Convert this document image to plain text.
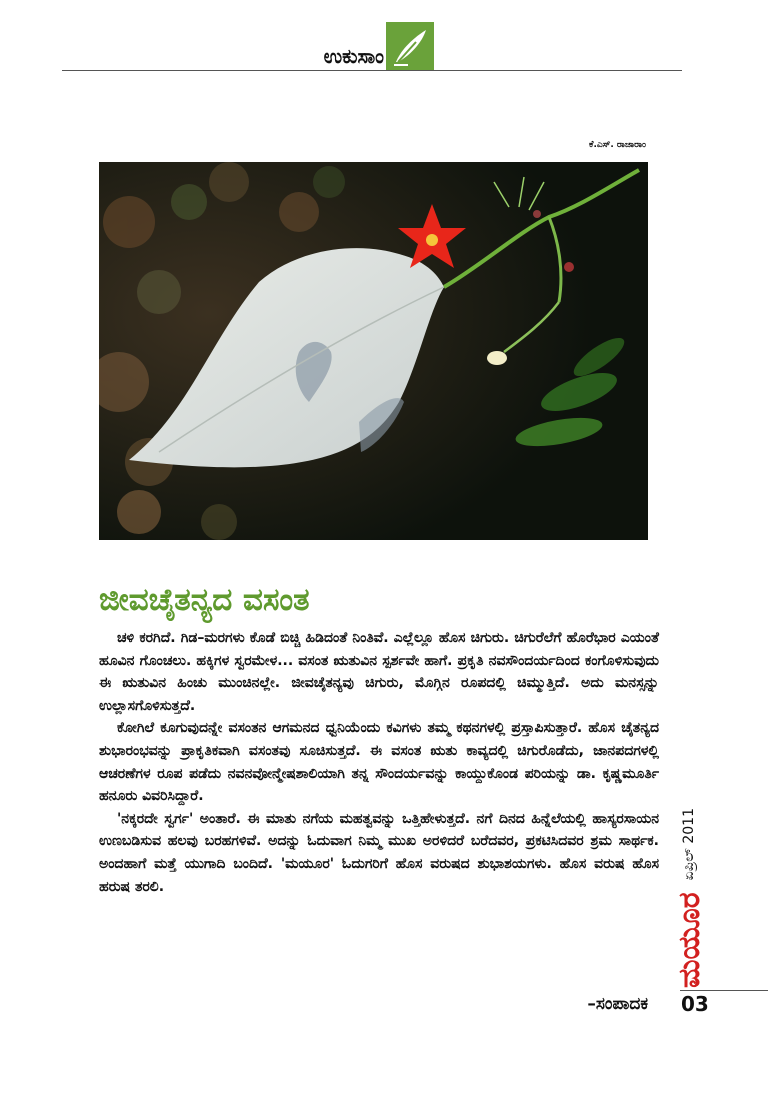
ಉಕುಸಾಂ
ಕೆ.ಎಸ್. ರಾಜಾರಾಂ
ಜೀವಚೈತನ್ಯದ ವಸಂತ

ಚಳಿ ಕರಗಿದೆ. ಗಿಡ–ಮರಗಳು ಕೊಡೆ ಬಿಚ್ಚಿ ಹಿಡಿದಂತೆ ನಿಂತಿವೆ. ಎಲ್ಲೆಲ್ಲೂ ಹೊಸ ಚಿಗುರು. ಚಿಗುರೆಲೆಗೆ ಹೊರೆಭಾರ ಎಯಂತೆ ಹೂವಿನ ಗೊಂಚಲು. ಹಕ್ಕಿಗಳ ಸ್ವರಮೇಳ... ವಸಂತ ಋತುವಿನ ಸ್ಪರ್ಶವೇ ಹಾಗೆ. ಪ್ರಕೃತಿ ನವಸೌಂದರ್ಯದಿಂದ ಕಂಗೊಳಿಸುವುದು ಈ ಋತುವಿನ ಹಿಂಚು ಮುಂಚಿನಲ್ಲೇ. ಜೀವಚೈತನ್ಯವು ಚಿಗುರು, ಮೊಗ್ಗಿನ ರೂಪದಲ್ಲಿ ಚಿಮ್ಮುತ್ತಿದೆ. ಅದು ಮನಸ್ಸನ್ನು ಉಲ್ಲಾಸಗೊಳಿಸುತ್ತದೆ.

ಕೋಗಿಲೆ ಕೂಗುವುದನ್ನೇ ವಸಂತನ ಆಗಮನದ ಧ್ವನಿಯೆಂದು ಕವಿಗಳು ತಮ್ಮ ಕಥನಗಳಲ್ಲಿ ಪ್ರಸ್ತಾಪಿಸುತ್ತಾರೆ. ಹೊಸ ಚೈತನ್ಯದ ಶುಭಾರಂಭವನ್ನು ಪ್ರಾಕೃತಿಕವಾಗಿ ವಸಂತವು ಸೂಚಿಸುತ್ತದೆ. ಈ ವಸಂತ ಋತು ಕಾವ್ಯದಲ್ಲಿ ಚಿಗುರೊಡೆದು, ಜಾನಪದಗಳಲ್ಲಿ ಆಚರಣೆಗಳ ರೂಪ ಪಡೆದು ನವನವೋನ್ಮೇಷಶಾಲಿಯಾಗಿ ತನ್ನ ಸೌಂದರ್ಯವನ್ನು ಕಾಯ್ದುಕೊಂಡ ಪರಿಯನ್ನು ಡಾ. ಕೃಷ್ಣಮೂರ್ತಿ ಹನೂರು ವಿವರಿಸಿದ್ದಾರೆ.

'ನಕ್ಕರದೇ ಸ್ವರ್ಗ' ಅಂತಾರೆ. ಈ ಮಾತು ನಗೆಯ ಮಹತ್ವವನ್ನು ಒತ್ತಿಹೇಳುತ್ತದೆ. ನಗೆ ದಿನದ ಹಿನ್ನೆಲೆಯಲ್ಲಿ ಹಾಸ್ಯರಸಾಯನ ಉಣಬಡಿಸುವ ಹಲವು ಬರಹಗಳಿವೆ. ಅದನ್ನು ಓದುವಾಗ ನಿಮ್ಮ ಮುಖ ಅರಳಿದರೆ ಬರೆದವರ, ಪ್ರಕಟಿಸಿದವರ ಶ್ರಮ ಸಾರ್ಥಕ. ಅಂದಹಾಗೆ ಮತ್ತೆ ಯುಗಾದಿ ಬಂದಿದೆ. 'ಮಯೂರ' ಓದುಗರಿಗೆ ಹೊಸ ವರುಷದ ಶುಭಾಶಯಗಳು. ಹೊಸ ವರುಷ ಹೊಸ ಹರುಷ ತರಲಿ.

–ಸಂಪಾದಕ
ಮಯೂರ
ಏಪ್ರಿಲ್ 2011
03
